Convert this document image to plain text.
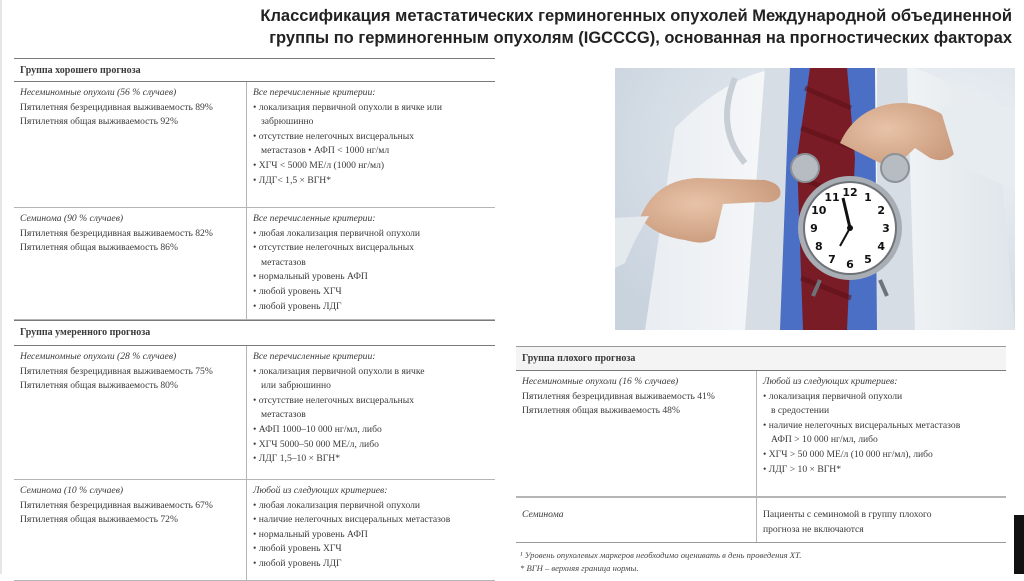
Классификация метастатических герминогенных опухолей Международной объединенной
группы по герминогенным опухолям (IGCCCG), основанная на прогностических факторах
Группа хорошего прогноза
Несеминомные опухоли (56 % случаев)
Пятилетняя безрецидивная выживаемость 89%
Пятилетняя общая выживаемость 92%
Все перечисленные критерии:
• локализация первичной опухоли в яичке или
забрюшинно
• отсутствие нелегочных висцеральных
метастазов • АФП < 1000 нг/мл
• ХГЧ < 5000 МЕ/л (1000 нг/мл)
• ЛДГ< 1,5 × ВГН*
Семинома (90 % случаев)
Пятилетняя безрецидивная выживаемость 82%
Пятилетняя общая выживаемость 86%
Все перечисленные критерии:
• любая локализация первичной опухоли
• отсутствие нелегочных висцеральных
метастазов
• нормальный уровень АФП
• любой уровень ХГЧ
• любой уровень ЛДГ
Группа умеренного прогноза
Несеминомные опухоли (28 % случаев)
Пятилетняя безрецидивная выживаемость 75%
Пятилетняя общая выживаемость 80%
Все перечисленные критерии:
• локализация первичной опухоли в яичке
или забрюшинно
• отсутствие нелегочных висцеральных
метастазов
• АФП 1000–10 000 нг/мл, либо
• ХГЧ 5000–50 000 МЕ/л, либо
• ЛДГ 1,5–10 × ВГН*
Семинома (10 % случаев)
Пятилетняя безрецидивная выживаемость 67%
Пятилетняя общая выживаемость 72%
Любой из следующих критериев:
• любая локализация первичной опухоли
• наличие нелегочных висцеральных метастазов
• нормальный уровень АФП
• любой уровень ХГЧ
• любой уровень ЛДГ
12 1
2
3
4
5
6
7
8
9
10
11
Группа плохого прогноза
Несеминомные опухоли (16 % случаев)
Пятилетняя безрецидивная выживаемость 41%
Пятилетняя общая выживаемость 48%
Любой из следующих критериев:
• локализация первичной опухоли
в средостении
• наличие нелегочных висцеральных метастазов
АФП > 10 000 нг/мл, либо
• ХГЧ > 50 000 МЕ/л (10 000 нг/мл), либо
• ЛДГ > 10 × ВГН*
Семинома	Пациенты с семиномой в группу плохого
прогноза не включаются
¹ Уровень опухолевых маркеров необходимо оценивать в день проведения ХТ.
* ВГН – верхняя граница нормы.
